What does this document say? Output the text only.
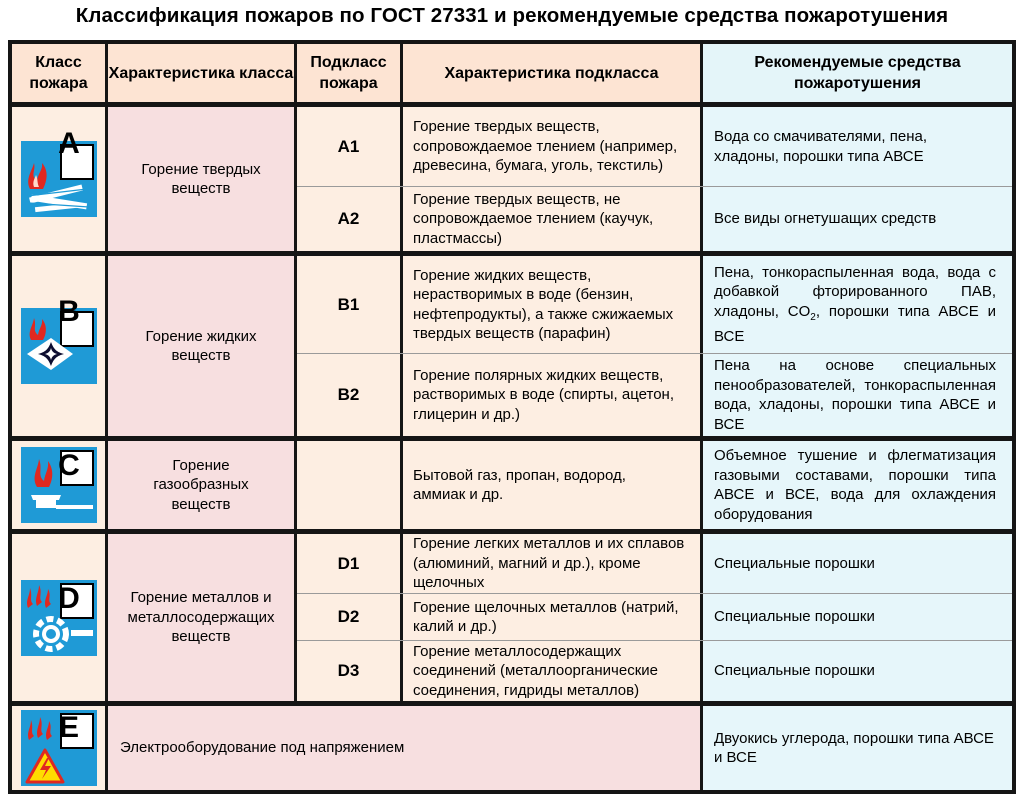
Классификация пожаров по ГОСТ 27331 и рекомендуемые средства пожаротушения
Класс пожара
Характеристика класса
Подкласс пожара
Характеристика подкласса
Рекомендуемые средства пожаротушения
A
Горение твердых веществ
A1
Горение твердых веществ, сопровождаемое тлением (например, древесина, бумага, уголь, текстиль)
Вода со смачивателями, пена, хладоны, порошки типа АВСЕ
A2
Горение твердых веществ, не сопровождаемое тлением (каучук, пластмассы)
Все виды огнетушащих средств
B
Горение жидких веществ
B1
Горение жидких веществ, нерастворимых в воде (бензин, нефтепродукты), а также сжижаемых твердых веществ (парафин)
Пена, тонкораспыленная вода, вода с добавкой фторированного ПАВ, хладоны, $CO_2$, порошки типа АВСЕ и ВСЕ
B2
Горение полярных жидких веществ, растворимых в воде (спирты, ацетон, глицерин и др.)
Пена на основе специальных пенообразователей, тонкораспыленная вода, хладоны, порошки типа АВСЕ и ВСЕ
C	Горение газообразных веществ
Бытовой газ, пропан, водород, аммиак и др.
Объемное тушение и флегматизация газовыми составами, порошки типа АВСЕ и ВСЕ, вода для охлаждения оборудования
D	Горение металлов и металлосодержащих веществ
D1
Горение легких металлов и их сплавов (алюминий, магний и др.), кроме щелочных
Специальные порошки
D2
Горение щелочных металлов (натрий, калий и др.)
Специальные порошки
D3
Горение металлосодержащих соединений (металлоорганические соединения, гидриды металлов)
Специальные порошки
E
Электрооборудование под напряжением
Двуокись углерода, порошки типа АВСЕ и ВСЕ
